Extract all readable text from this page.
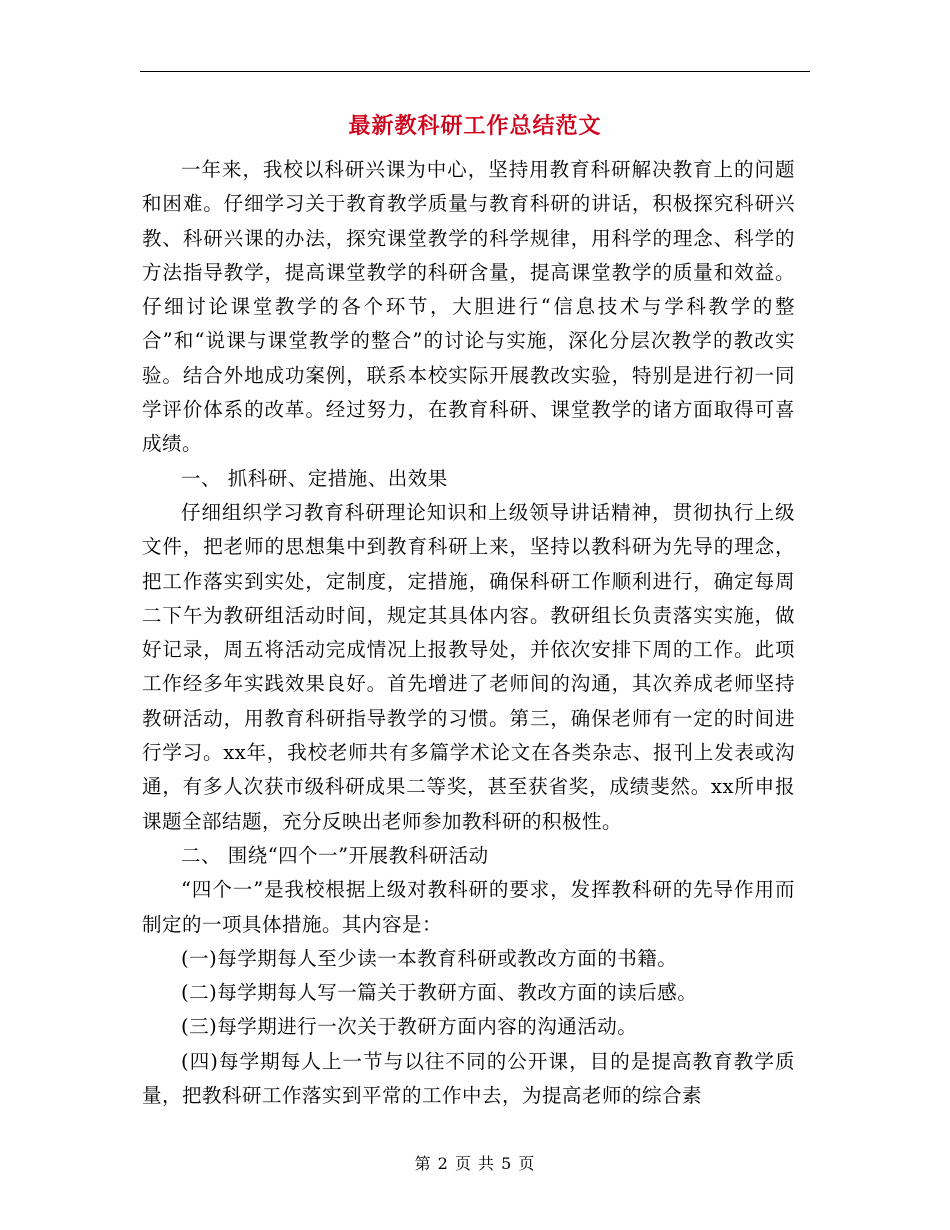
最新教科研工作总结范文

一年来，我校以科研兴课为中心，坚持用教育科研解决教育上的问题和困难。仔细学习关于教育教学质量与教育科研的讲话，积极探究科研兴教、科研兴课的办法，探究课堂教学的科学规律，用科学的理念、科学的方法指导教学，提高课堂教学的科研含量，提高课堂教学的质量和效益。仔细讨论课堂教学的各个环节，大胆进行“信息技术与学科教学的整合”和“说课与课堂教学的整合”的讨论与实施，深化分层次教学的教改实验。结合外地成功案例，联系本校实际开展教改实验，特别是进行初一同学评价体系的改革。经过努力，在教育科研、课堂教学的诸方面取得可喜成绩。

一、 抓科研、定措施、出效果

仔细组织学习教育科研理论知识和上级领导讲话精神，贯彻执行上级文件，把老师的思想集中到教育科研上来，坚持以教科研为先导的理念，把工作落实到实处，定制度，定措施，确保科研工作顺利进行，确定每周二下午为教研组活动时间，规定其具体内容。教研组长负责落实实施，做好记录，周五将活动完成情况上报教导处，并依次安排下周的工作。此项工作经多年实践效果良好。首先增进了老师间的沟通，其次养成老师坚持教研活动，用教育科研指导教学的习惯。第三，确保老师有一定的时间进行学习。xx年，我校老师共有多篇学术论文在各类杂志、报刊上发表或沟通，有多人次获市级科研成果二等奖，甚至获省奖，成绩斐然。xx所申报课题全部结题，充分反映出老师参加教科研的积极性。

二、 围绕“四个一”开展教科研活动

“四个一”是我校根据上级对教科研的要求，发挥教科研的先导作用而制定的一项具体措施。其内容是：

(一)每学期每人至少读一本教育科研或教改方面的书籍。

(二)每学期每人写一篇关于教研方面、教改方面的读后感。

(三)每学期进行一次关于教研方面内容的沟通活动。

(四)每学期每人上一节与以往不同的公开课，目的是提高教育教学质量，把教科研工作落实到平常的工作中去，为提高老师的综合素

第 2 页 共 5 页
